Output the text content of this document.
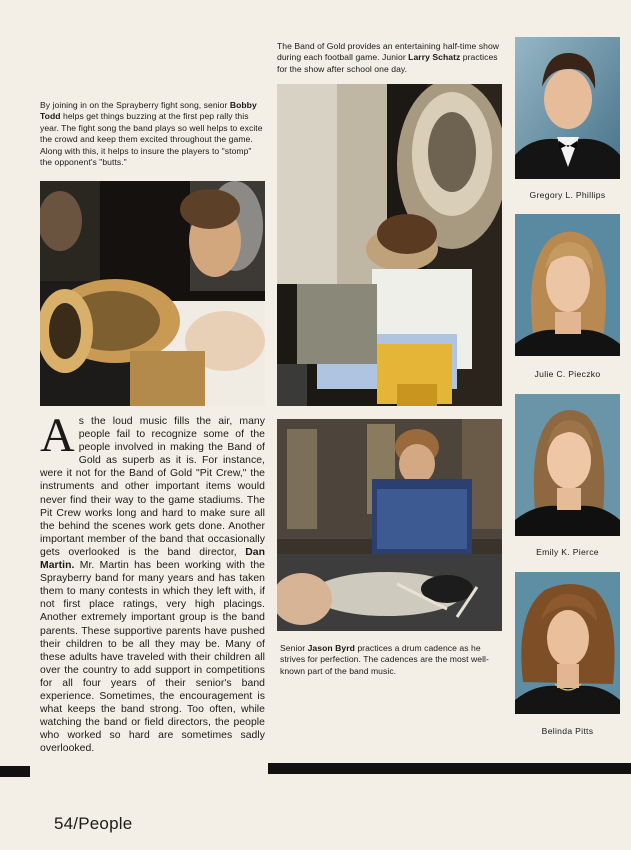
The Band of Gold provides an entertaining half-time show during each football game. Junior Larry Schatz practices for the show after school one day.
By joining in on the Sprayberry fight song, senior Bobby Todd helps get things buzzing at the first pep rally this year. The fight song the band plays so well helps to excite the crowd and keep them excited throughout the game. Along with this, it helps to insure the players to "stomp" the opponent's "butts."
Senior Jason Byrd practices a drum cadence as he strives for perfection. The cadences are the most well-known part of the band music.
As the loud music fills the air, many people fail to recognize some of the people involved in making the Band of Gold as superb as it is. For instance, were it not for the Band of Gold "Pit Crew," the instruments and other important items would never find their way to the game stadiums. The Pit Crew works long and hard to make sure all the behind the scenes work gets done. Another important member of the band that occasionally gets overlooked is the band director, Dan Martin. Mr. Martin has been working with the Sprayberry band for many years and has taken them to many contests in which they left with, if not first place ratings, very high placings. Another extremely important group is the band parents. These supportive parents have pushed their children to be all they may be. Many of these adults have traveled with their children all over the country to add support in competitions for all four years of their senior's band experience. Sometimes, the encouragement is what keeps the band strong. Too often, while watching the band or field directors, the people who worked so hard are sometimes sadly overlooked.
Gregory L. Phillips
Julie C. Pieczko
Emily K. Pierce
Belinda Pitts
54/People
